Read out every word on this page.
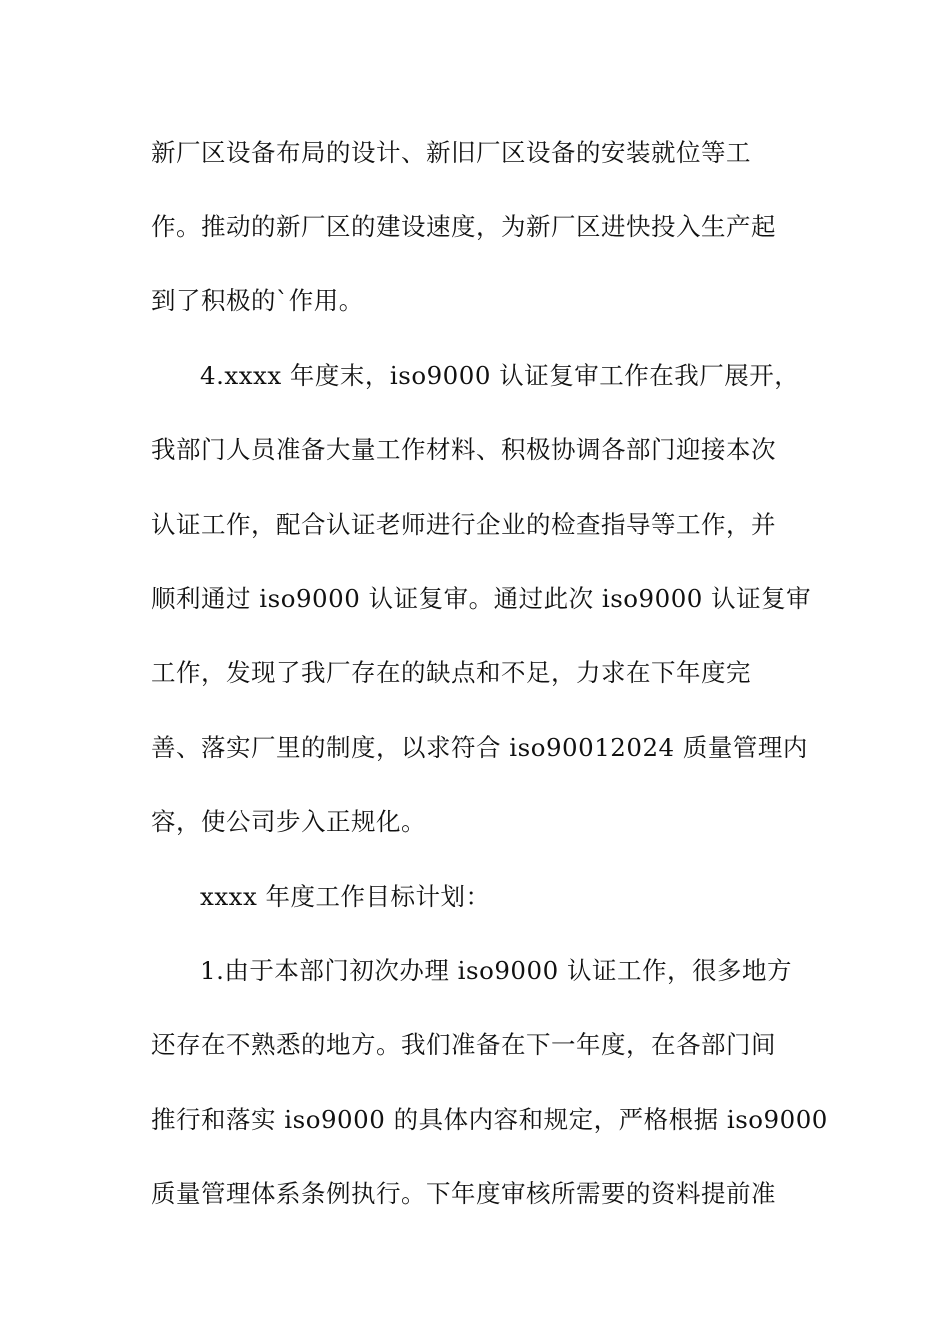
新厂区设备布局的设计、新旧厂区设备的安装就位等工
作。推动的新厂区的建设速度，为新厂区进快投入生产起
到了积极的`作用。
4.xxxx 年度末，iso9000 认证复审工作在我厂展开，
我部门人员准备大量工作材料、积极协调各部门迎接本次
认证工作，配合认证老师进行企业的检查指导等工作，并
顺利通过 iso9000 认证复审。通过此次 iso9000 认证复审
工作，发现了我厂存在的缺点和不足，力求在下年度完
善、落实厂里的制度，以求符合 iso90012024 质量管理内
容，使公司步入正规化。
xxxx 年度工作目标计划：
1.由于本部门初次办理 iso9000 认证工作，很多地方
还存在不熟悉的地方。我们准备在下一年度，在各部门间
推行和落实 iso9000 的具体内容和规定，严格根据 iso9000
质量管理体系条例执行。下年度审核所需要的资料提前准
